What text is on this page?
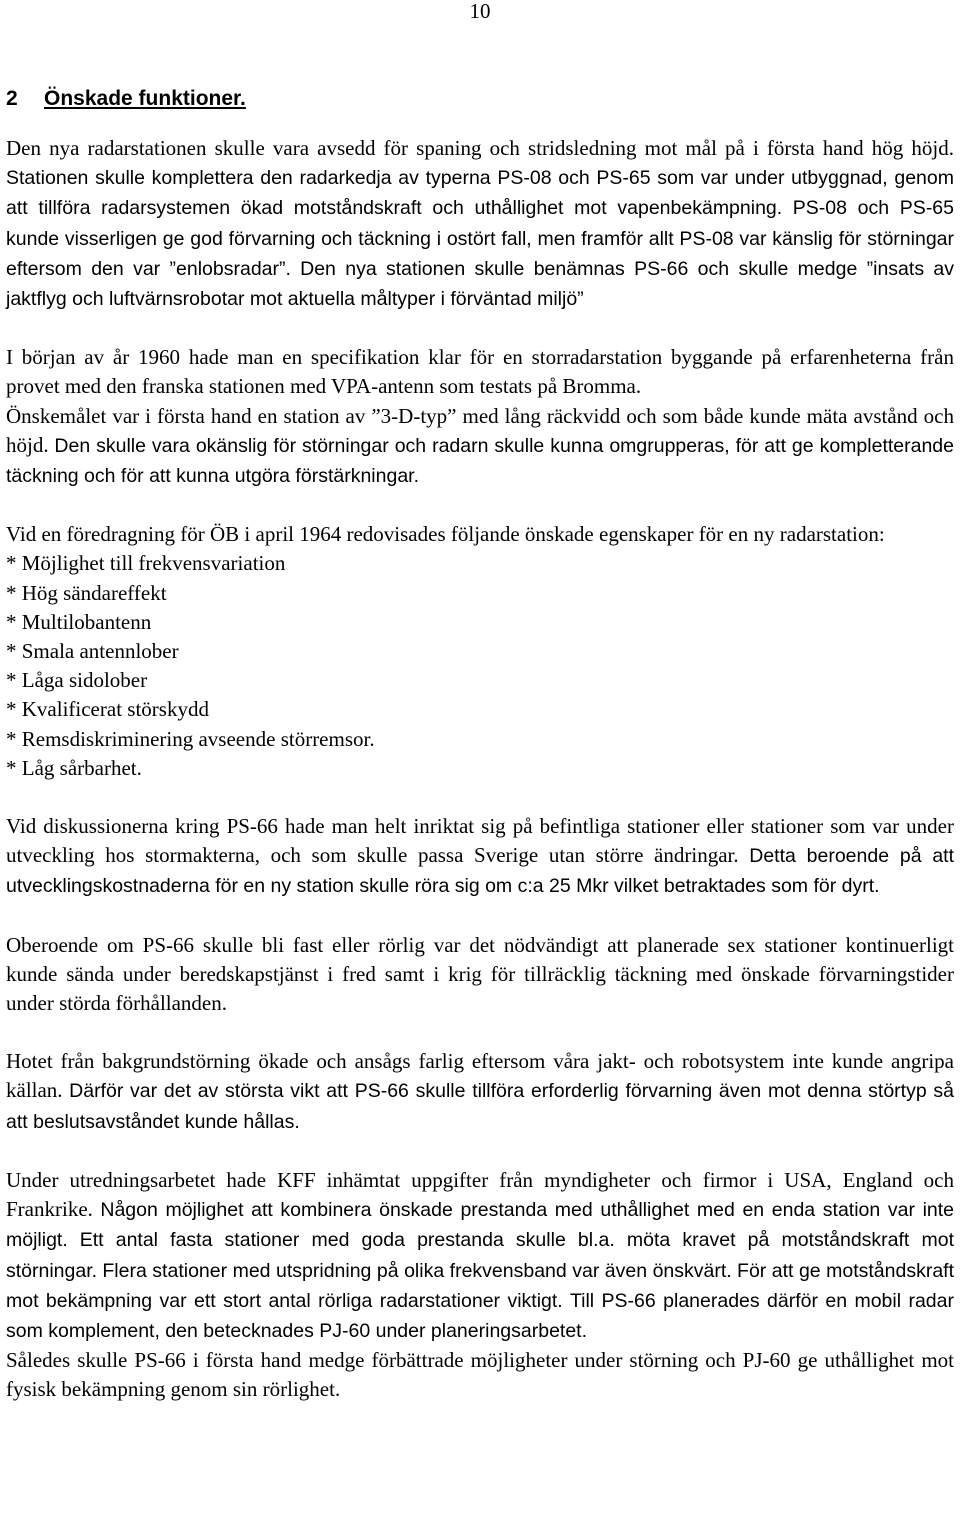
10
2 Önskade funktioner.

Den nya radarstationen skulle vara avsedd för spaning och stridsledning mot mål på i första hand hög höjd. Stationen skulle komplettera den radarkedja av typerna PS-08 och PS-65 som var under utbyggnad, genom att tillföra radarsystemen ökad motståndskraft och uthållighet mot vapenbekämpning. PS-08 och PS-65 kunde visserligen ge god förvarning och täckning i ostört fall, men framför allt PS-08 var känslig för störningar eftersom den var ”enlobsradar”. Den nya stationen skulle benämnas PS-66 och skulle medge ”insats av jaktflyg och luftvärnsrobotar mot aktuella måltyper i förväntad miljö”

I början av år 1960 hade man en specifikation klar för en storradarstation byggande på erfarenheterna från provet med den franska stationen med VPA-antenn som testats på Bromma.

Önskemålet var i första hand en station av ”3-D-typ” med lång räckvidd och som både kunde mäta avstånd och höjd. Den skulle vara okänslig för störningar och radarn skulle kunna omgrupperas, för att ge kompletterande täckning och för att kunna utgöra förstärkningar.

Vid en föredragning för ÖB i april 1964 redovisades följande önskade egenskaper för en ny radarstation:

* Möjlighet till frekvensvariation
* Hög sändareffekt
* Multilobantenn
* Smala antennlober
* Låga sidolober
* Kvalificerat störskydd
* Remsdiskriminering avseende störremsor.
* Låg sårbarhet.

Vid diskussionerna kring PS-66 hade man helt inriktat sig på befintliga stationer eller stationer som var under utveckling hos stormakterna, och som skulle passa Sverige utan större ändringar. Detta beroende på att utvecklingskostnaderna för en ny station skulle röra sig om c:a 25 Mkr vilket betraktades som för dyrt.

Oberoende om PS-66 skulle bli fast eller rörlig var det nödvändigt att planerade sex stationer kontinuerligt kunde sända under beredskapstjänst i fred samt i krig för tillräcklig täckning med önskade förvarningstider under störda förhållanden.

Hotet från bakgrundstörning ökade och ansågs farlig eftersom våra jakt- och robotsystem inte kunde angripa källan. Därför var det av största vikt att PS-66 skulle tillföra erforderlig förvarning även mot denna störtyp så att beslutsavståndet kunde hållas.

Under utredningsarbetet hade KFF inhämtat uppgifter från myndigheter och firmor i USA, England och Frankrike. Någon möjlighet att kombinera önskade prestanda med uthållighet med en enda station var inte möjligt. Ett antal fasta stationer med goda prestanda skulle bl.a. möta kravet på motståndskraft mot störningar. Flera stationer med utspridning på olika frekvensband var även önskvärt. För att ge motståndskraft mot bekämpning var ett stort antal rörliga radarstationer viktigt. Till PS-66 planerades därför en mobil radar som komplement, den betecknades PJ-60 under planeringsarbetet.

Således skulle PS-66 i första hand medge förbättrade möjligheter under störning och PJ-60 ge uthållighet mot fysisk bekämpning genom sin rörlighet.
